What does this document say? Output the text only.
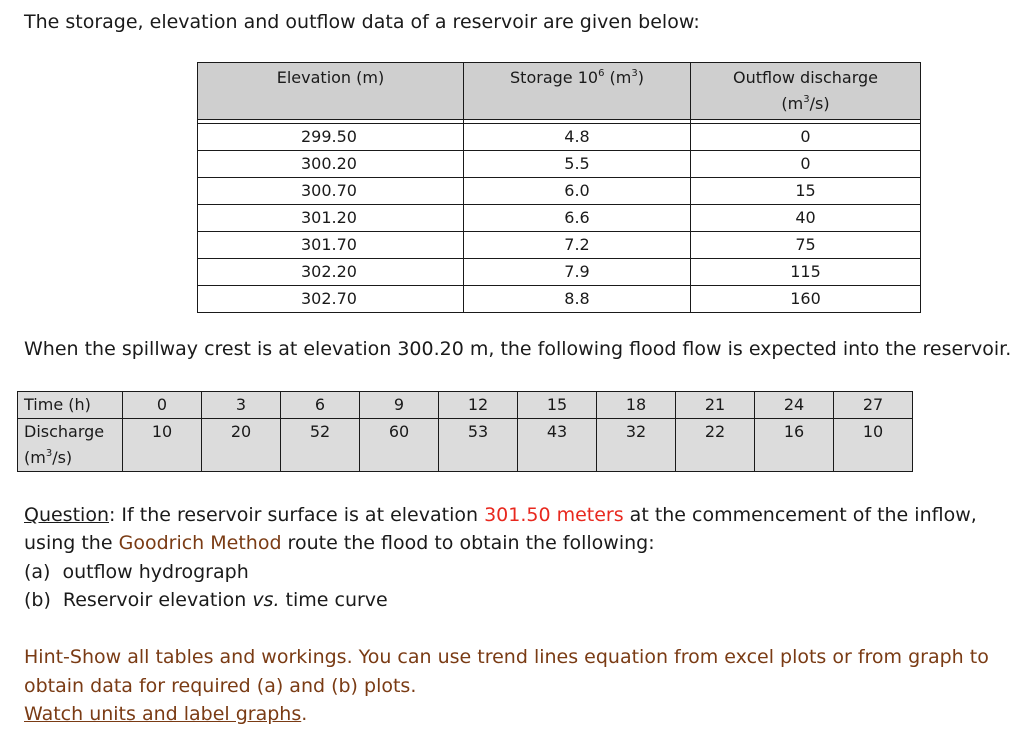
The storage, elevation and outflow data of a reservoir are given below:
Elevation (m)	Storage $10^6$ $(m^3)$	Outflow discharge
$(m^3/s)$

299.50	4.8	0
300.20	5.5	0
300.70	6.0	15
301.20	6.6	40
301.70	7.2	75
302.20	7.9	115
302.70	8.8	160
When the spillway crest is at elevation 300.20 m, the following flood flow is expected into the reservoir.
Time (h)	0	3	6	9	12	15	18	21	24	27
Discharge
$(m^3/s)$	10	20	52	60	53	43	32	22	16	10
Question: If the reservoir surface is at elevation 301.50 meters at the commencement of the inflow,
using the Goodrich Method route the flood to obtain the following:
(a) outflow hydrograph
(b) Reservoir elevation vs. time curve
Hint-Show all tables and workings. You can use trend lines equation from excel plots or from graph to
obtain data for required (a) and (b) plots.
Watch units and label graphs.
